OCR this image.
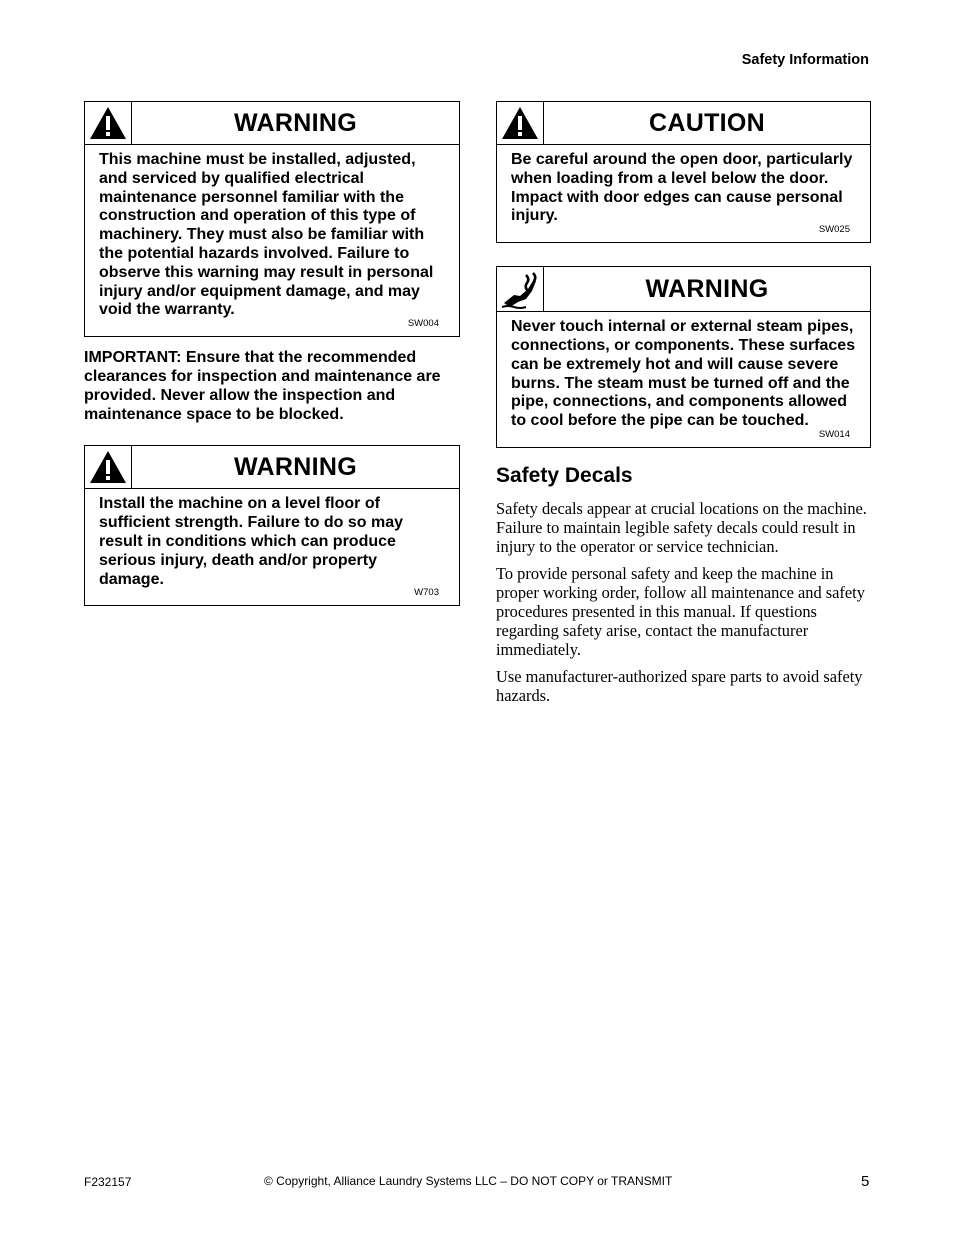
Safety Information
WARNING
This machine must be installed, adjusted, and serviced by qualified electrical maintenance personnel familiar with the construction and operation of this type of machinery. They must also be familiar with the potential hazards involved. Failure to observe this warning may result in personal injury and/or equipment damage, and may void the warranty.
SW004
IMPORTANT: Ensure that the recommended clearances for inspection and maintenance are provided. Never allow the inspection and maintenance space to be blocked.
WARNING
Install the machine on a level floor of sufficient strength. Failure to do so may result in conditions which can produce serious injury, death and/or property damage.
W703
CAUTION
Be careful around the open door, particularly when loading from a level below the door. Impact with door edges can cause personal injury.
SW025
WARNING
Never touch internal or external steam pipes, connections, or components. These surfaces can be extremely hot and will cause severe burns. The steam must be turned off and the pipe, connections, and components allowed to cool before the pipe can be touched.
SW014
Safety Decals

Safety decals appear at crucial locations on the machine. Failure to maintain legible safety decals could result in injury to the operator or service technician.

To provide personal safety and keep the machine in proper working order, follow all maintenance and safety procedures presented in this manual. If questions regarding safety arise, contact the manufacturer immediately.

Use manufacturer-authorized spare parts to avoid safety hazards.

F232157	© Copyright, Alliance Laundry Systems LLC – DO NOT COPY or TRANSMIT	5
